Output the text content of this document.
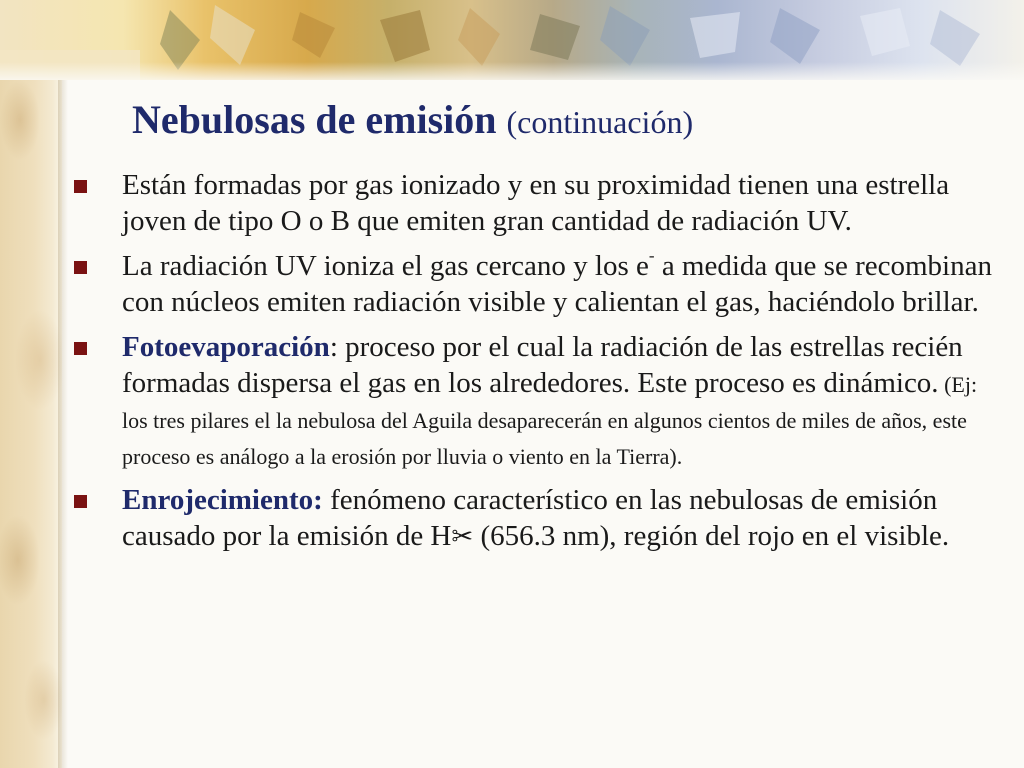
Nebulosas de emisión (continuación)
Están formadas por gas ionizado y en su proximidad tienen una estrella joven de tipo O o B que emiten gran cantidad de radiación UV.
La radiación UV ioniza el gas cercano y los e- a medida que se recombinan con núcleos emiten radiación visible y calientan el gas, haciéndolo brillar.
Fotoevaporación: proceso por el cual la radiación de las estrellas recién formadas dispersa el gas en los alrededores. Este proceso es dinámico. (Ej: los tres pilares el la nebulosa del Aguila desaparecerán en algunos cientos de miles de años, este proceso es análogo a la erosión por lluvia o viento en la Tierra).
Enrojecimiento: fenómeno característico en las nebulosas de emisión causado por la emisión de H✂ (656.3 nm), región del rojo en el visible.
